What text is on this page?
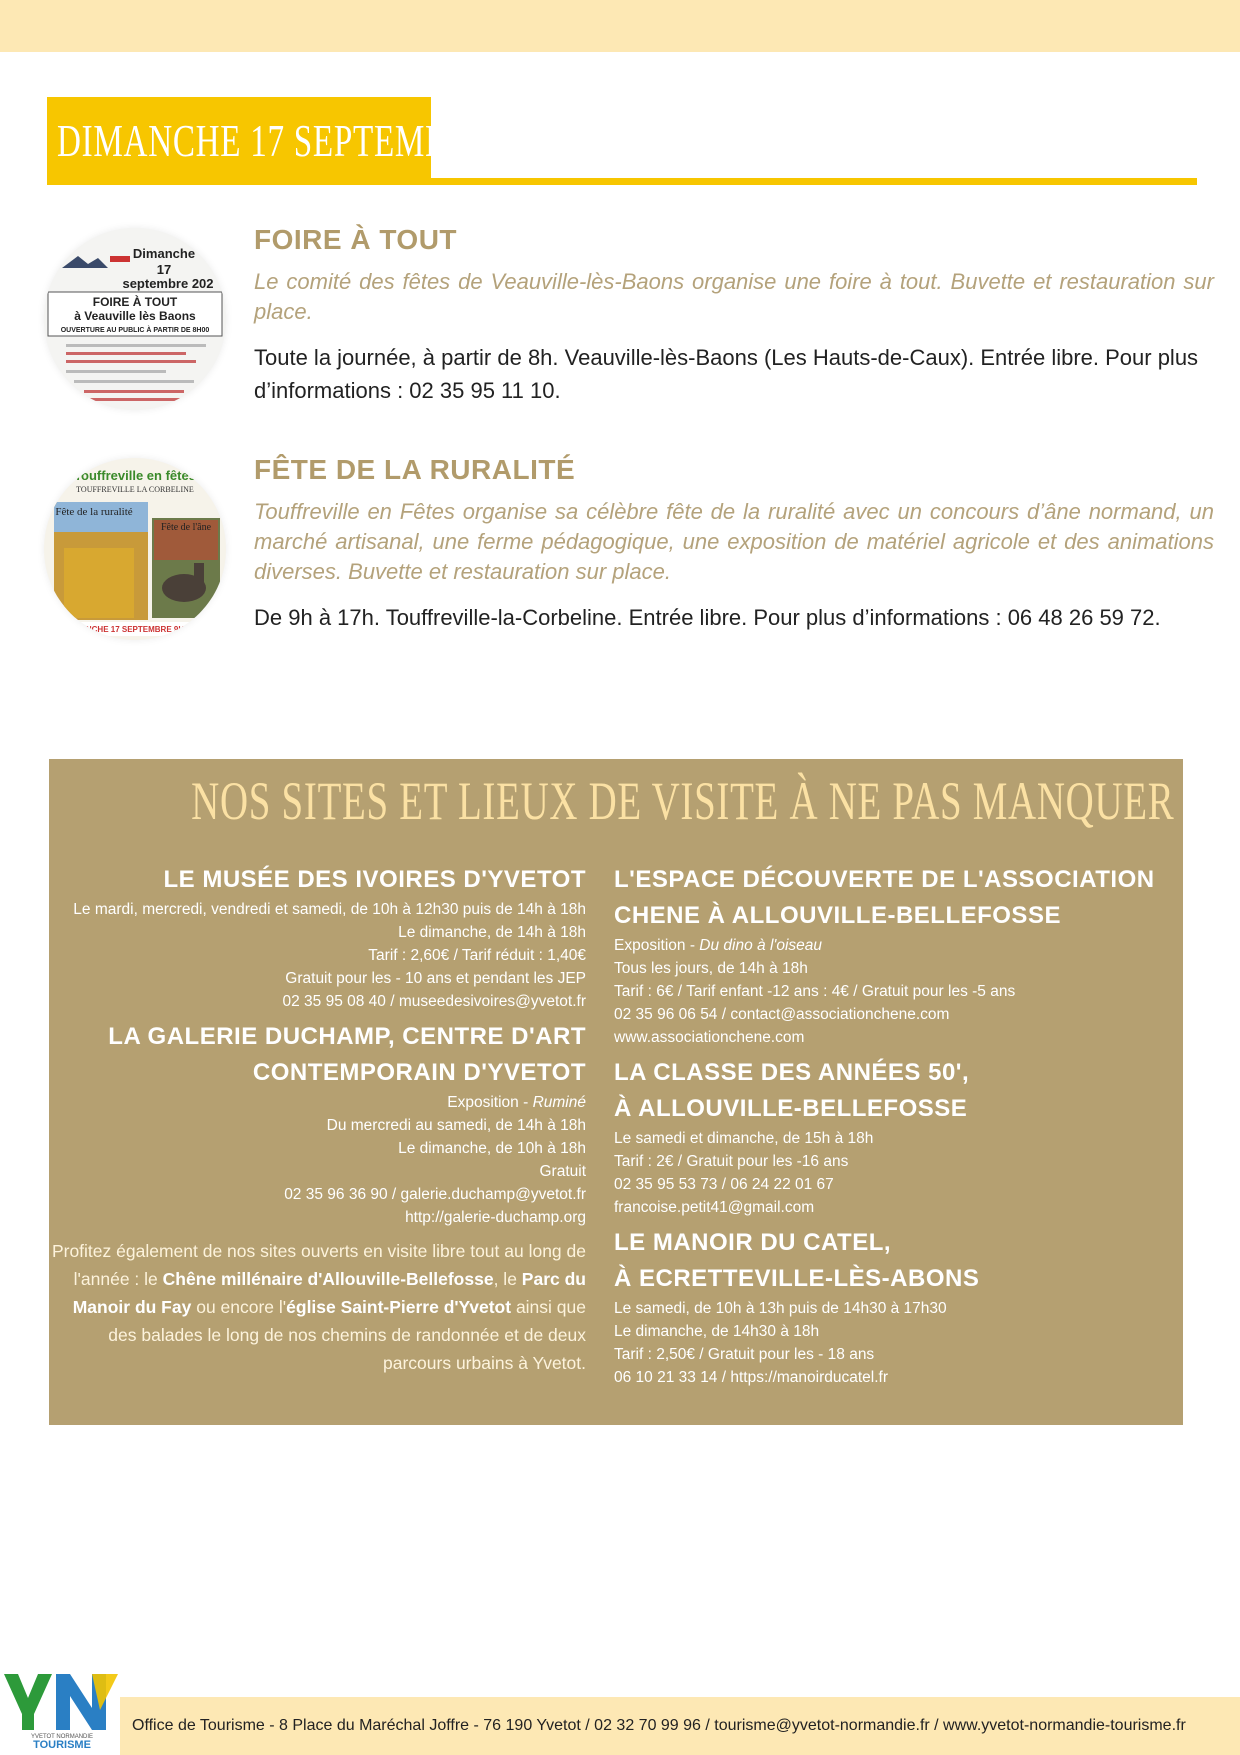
DIMANCHE 17 SEPTEMBRE
Dimanche
17
septembre 202
FOIRE À TOUT
à Veauville lès Baons
OUVERTURE AU PUBLIC À PARTIR DE 8H00
FOIRE À TOUT
Le comité des fêtes de Veauville-lès-Baons organise une foire à tout. Buvette et restauration sur place.
Toute la journée, à partir de 8h. Veauville-lès-Baons (Les Hauts-de-Caux). Entrée libre. Pour plus d’informations : 02 35 95 11 10.
Touffreville en fêtes
TOUFFREVILLE LA CORBELINE
Fête de la ruralité
Fête de l'âne
NCHE 17 SEPTEMBRE 9H
FÊTE DE LA RURALITÉ
Touffreville en Fêtes organise sa célèbre fête de la ruralité avec un concours d’âne normand, un marché artisanal, une ferme pédagogique, une exposition de matériel agricole et des animations diverses. Buvette et restauration sur place.
De 9h à 17h. Touffreville-la-Corbeline. Entrée libre. Pour plus d’informations : 06 48 26 59 72.
NOS SITES ET LIEUX DE VISITE À NE PAS MANQUER
LE MUSÉE DES IVOIRES D'YVETOT
Le mardi, mercredi, vendredi et samedi, de 10h à 12h30 puis de 14h à 18h
Le dimanche, de 14h à 18h
Tarif : 2,60€ / Tarif réduit : 1,40€
Gratuit pour les - 10 ans et pendant les JEP
02 35 95 08 40 / museedesivoires@yvetot.fr
LA GALERIE DUCHAMP, CENTRE D'ART
CONTEMPORAIN D'YVETOT
Exposition - Ruminé
Du mercredi au samedi, de 14h à 18h
Le dimanche, de 10h à 18h
Gratuit
02 35 96 36 90 / galerie.duchamp@yvetot.fr
http://galerie-duchamp.org
Profitez également de nos sites ouverts en visite libre tout au long de l'année : le Chêne millénaire d'Allouville-Bellefosse, le Parc du Manoir du Fay ou encore l'église Saint-Pierre d'Yvetot ainsi que des balades le long de nos chemins de randonnée et de deux parcours urbains à Yvetot.
L'ESPACE DÉCOUVERTE DE L'ASSOCIATION
CHENE À ALLOUVILLE-BELLEFOSSE
Exposition - Du dino à l'oiseau
Tous les jours, de 14h à 18h
Tarif : 6€ / Tarif enfant -12 ans : 4€ / Gratuit pour les -5 ans
02 35 96 06 54 / contact@associationchene.com
www.associationchene.com
LA CLASSE DES ANNÉES 50',
À ALLOUVILLE-BELLEFOSSE
Le samedi et dimanche, de 15h à 18h
Tarif : 2€ / Gratuit pour les -16 ans
02 35 95 53 73 / 06 24 22 01 67
francoise.petit41@gmail.com
LE MANOIR DU CATEL,
À ECRETTEVILLE-LÈS-ABONS
Le samedi, de 10h à 13h puis de 14h30 à 17h30
Le dimanche, de 14h30 à 18h
Tarif : 2,50€ / Gratuit pour les - 18 ans
06 10 21 33 14 / https://manoirducatel.fr
YVETOT NORMANDIE
TOURISME
Office de Tourisme - 8 Place du Maréchal Joffre - 76 190 Yvetot / 02 32 70 99 96 / tourisme@yvetot-normandie.fr / www.yvetot-normandie-tourisme.fr
